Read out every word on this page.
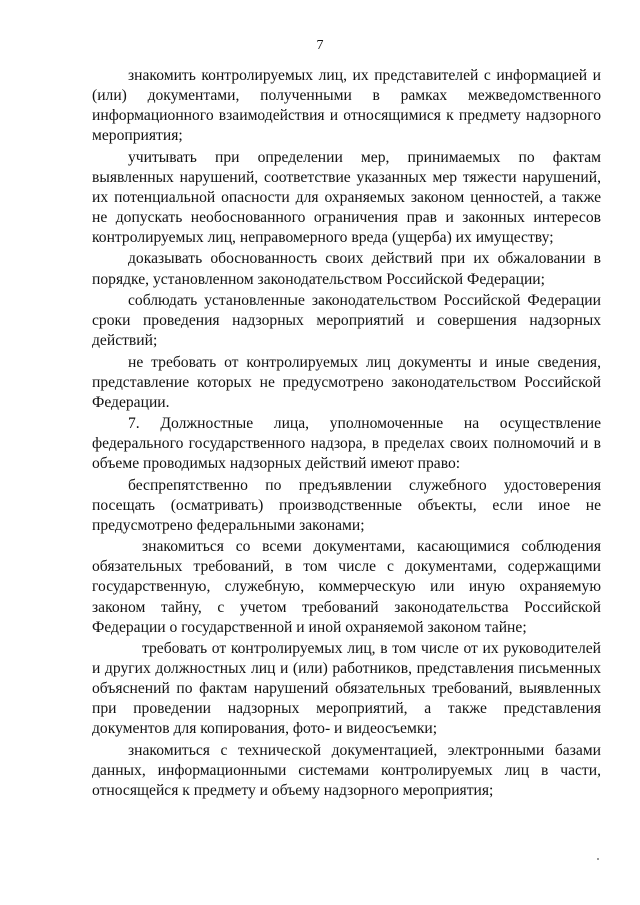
7

знакомить контролируемых лиц, их представителей с информацией и (или) документами, полученными в рамках межведомственного информационного взаимодействия и относящимися к предмету надзорного мероприятия;

учитывать при определении мер, принимаемых по фактам выявленных нарушений, соответствие указанных мер тяжести нарушений, их потенциальной опасности для охраняемых законом ценностей, а также не допускать необоснованного ограничения прав и законных интересов контролируемых лиц, неправомерного вреда (ущерба) их имуществу;

доказывать обоснованность своих действий при их обжаловании в порядке, установленном законодательством Российской Федерации;

соблюдать установленные законодательством Российской Федерации сроки проведения надзорных мероприятий и совершения надзорных действий;

не требовать от контролируемых лиц документы и иные сведения, представление которых не предусмотрено законодательством Российской Федерации.

7. Должностные лица, уполномоченные на осуществление федерального государственного надзора, в пределах своих полномочий и в объеме проводимых надзорных действий имеют право:

беспрепятственно по предъявлении служебного удостоверения посещать (осматривать) производственные объекты, если иное не предусмотрено федеральными законами;

знакомиться со всеми документами, касающимися соблюдения обязательных требований, в том числе с документами, содержащими государственную, служебную, коммерческую или иную охраняемую законом тайну, с учетом требований законодательства Российской Федерации о государственной и иной охраняемой законом тайне;

требовать от контролируемых лиц, в том числе от их руководителей и других должностных лиц и (или) работников, представления письменных объяснений по фактам нарушений обязательных требований, выявленных при проведении надзорных мероприятий, а также представления документов для копирования, фото- и видеосъемки;

знакомиться с технической документацией, электронными базами данных, информационными системами контролируемых лиц в части, относящейся к предмету и объему надзорного мероприятия;
